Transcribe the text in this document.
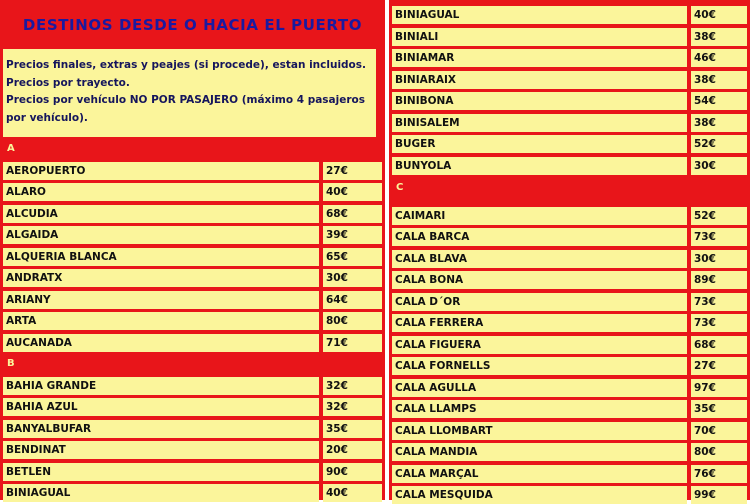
DESTINOS DESDE O HACIA EL PUERTO
Precios finales, extras y peajes (si procede), estan incluidos.
Precios por trayecto.
Precios por vehículo NO POR PASAJERO (máximo 4 pasajeros
por vehículo).
A
AEROPUERTO	27€
ALARO	40€
ALCUDIA	68€
ALGAIDA	39€
ALQUERIA BLANCA	65€
ANDRATX	30€
ARIANY	64€
ARTA	80€
AUCANADA	71€
B
BAHIA GRANDE	32€
BAHIA AZUL	32€
BANYALBUFAR	35€
BENDINAT	20€
BETLEN	90€
BINIAGUAL	40€
BINIAGUAL	40€
BINIALI	38€
BINIAMAR	46€
BINIARAIX	38€
BINIBONA	54€
BINISALEM	38€
BUGER	52€
BUNYOLA	30€
C
CAIMARI	52€
CALA BARCA	73€
CALA BLAVA	30€
CALA BONA	89€
CALA D´OR	73€
CALA FERRERA	73€
CALA FIGUERA	68€
CALA FORNELLS	27€
CALA AGULLA	97€
CALA LLAMPS	35€
CALA LLOMBART	70€
CALA MANDIA	80€
CALA MARÇAL	76€
CALA MESQUIDA	99€
